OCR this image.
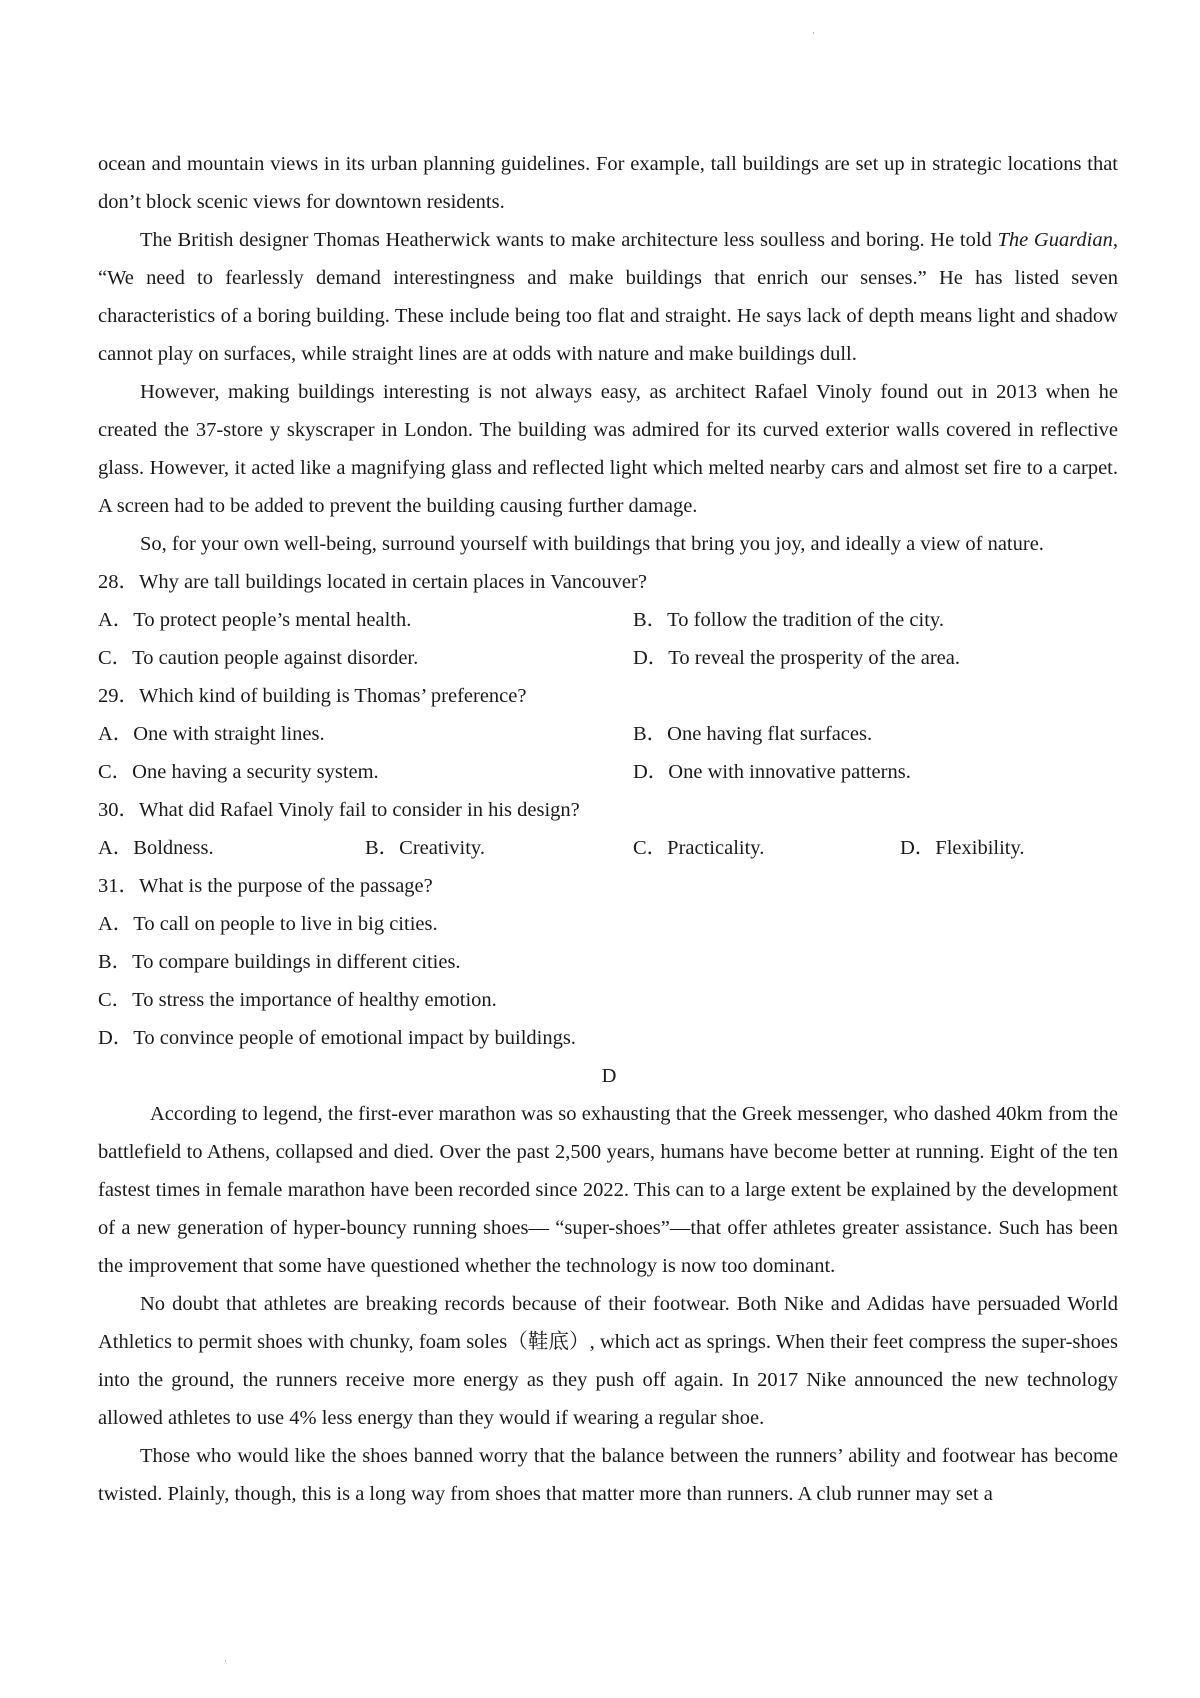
·

ocean and mountain views in its urban planning guidelines. For example, tall buildings are set up in strategic locations that don’t block scenic views for downtown residents.

The British designer Thomas Heatherwick wants to make architecture less soulless and boring. He told The Guardian, “We need to fearlessly demand interestingness and make buildings that enrich our senses.” He has listed seven characteristics of a boring building. These include being too flat and straight. He says lack of depth means light and shadow cannot play on surfaces, while straight lines are at odds with nature and make buildings dull.

However, making buildings interesting is not always easy, as architect Rafael Vinoly found out in 2013 when he created the 37-store y skyscraper in London. The building was admired for its curved exterior walls covered in reflective glass. However, it acted like a magnifying glass and reflected light which melted nearby cars and almost set fire to a carpet. A screen had to be added to prevent the building causing further damage.

So, for your own well-being, surround yourself with buildings that bring you joy, and ideally a view of nature.

28．Why are tall buildings located in certain places in Vancouver?

A．To protect people’s mental health.	B．To follow the tradition of the city.
C．To caution people against disorder.	D．To reveal the prosperity of the area.

29．Which kind of building is Thomas’ preference?

A．One with straight lines.	B．One having flat surfaces.
C．One having a security system.	D．One with innovative patterns.

30．What did Rafael Vinoly fail to consider in his design?

A．Boldness.	B．Creativity.	C．Practicality.	D．Flexibility.

31．What is the purpose of the passage?

A．To call on people to live in big cities.

B．To compare buildings in different cities.

C．To stress the importance of healthy emotion.

D．To convince people of emotional impact by buildings.

D

According to legend, the first-ever marathon was so exhausting that the Greek messenger, who dashed 40km from the battlefield to Athens, collapsed and died. Over the past 2,500 years, humans have become better at running. Eight of the ten fastest times in female marathon have been recorded since 2022. This can to a large extent be explained by the development of a new generation of hyper-bouncy running shoes— “super-shoes”—that offer athletes greater assistance. Such has been the improvement that some have questioned whether the technology is now too dominant.

No doubt that athletes are breaking records because of their footwear. Both Nike and Adidas have persuaded World Athletics to permit shoes with chunky, foam soles（鞋底）, which act as springs. When their feet compress the super-shoes into the ground, the runners receive more energy as they push off again. In 2017 Nike announced the new technology allowed athletes to use 4% less energy than they would if wearing a regular shoe.

Those who would like the shoes banned worry that the balance between the runners’ ability and footwear has become twisted. Plainly, though, this is a long way from shoes that matter more than runners. A club runner may set a

·
